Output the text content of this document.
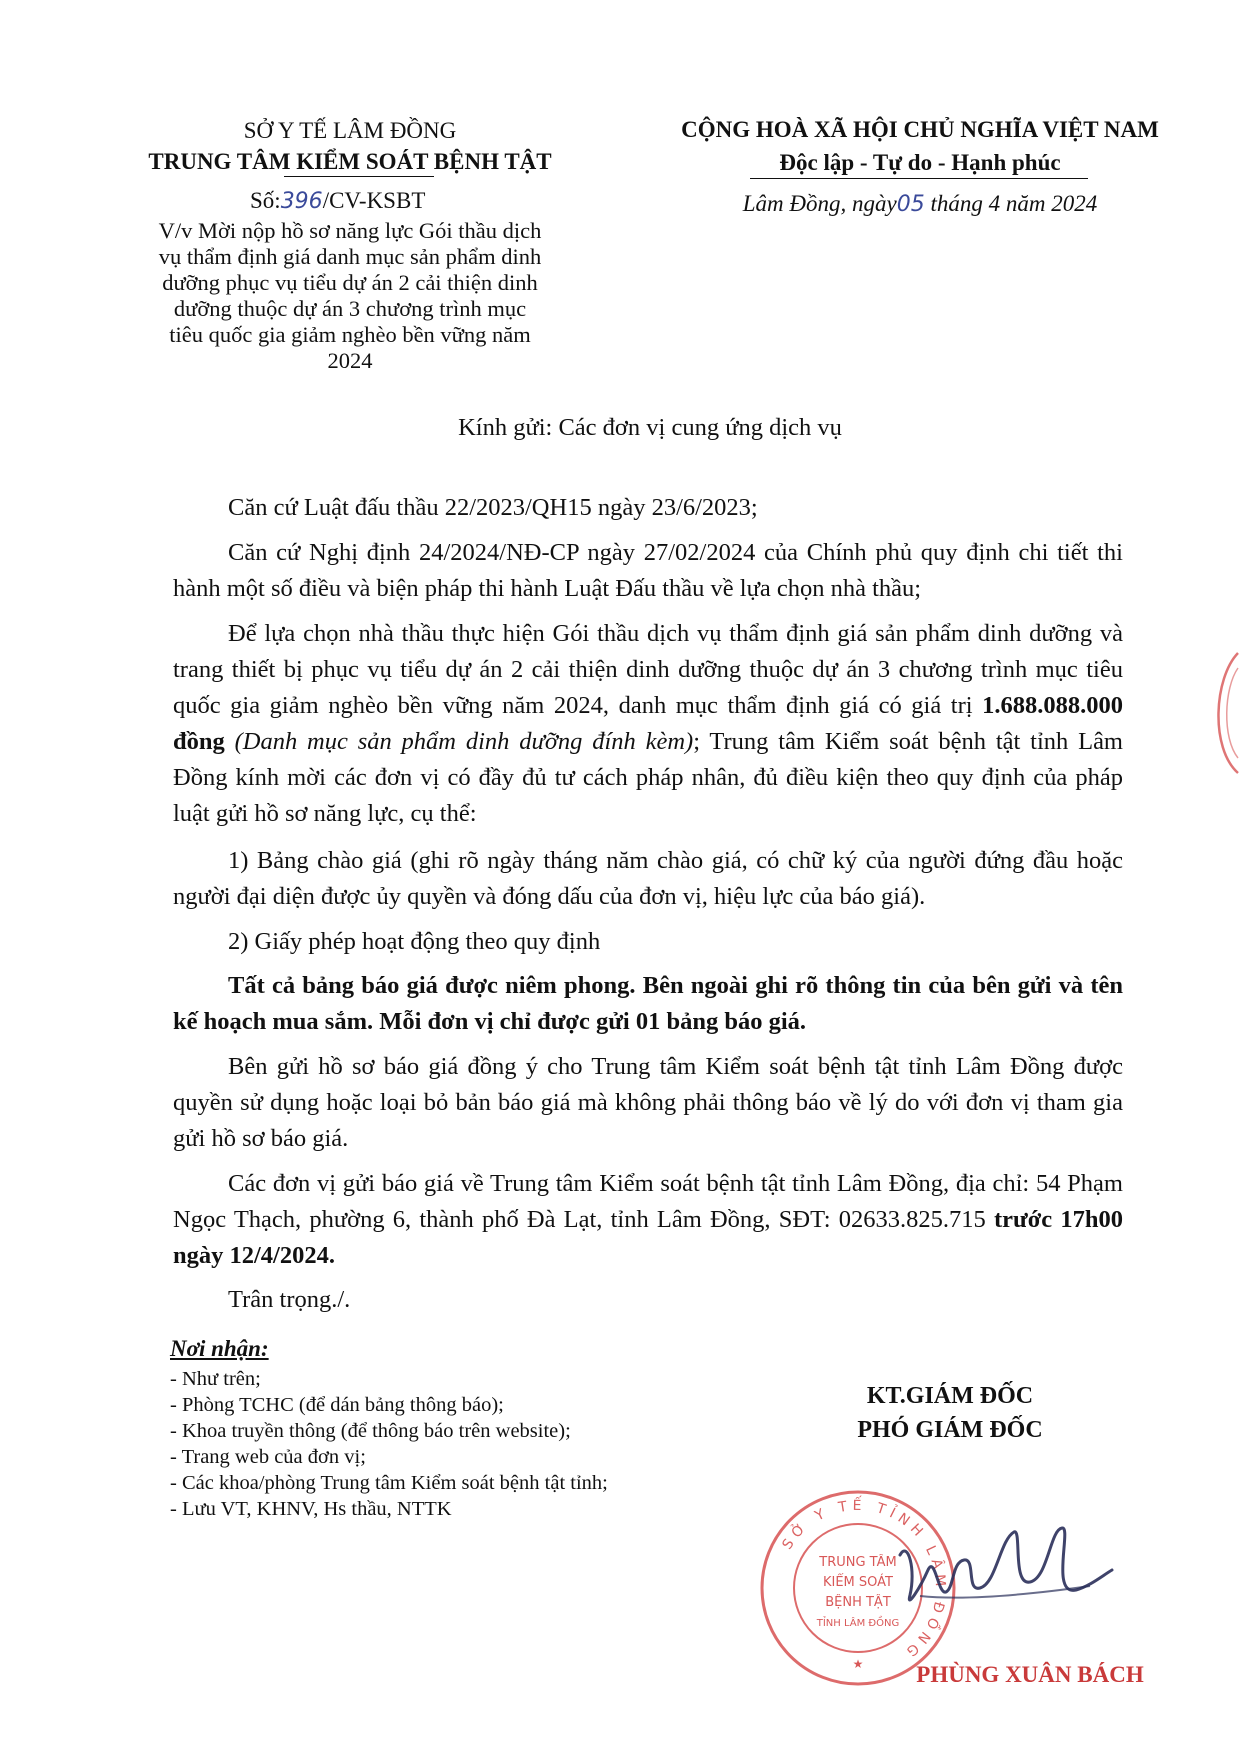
SỞ Y TẾ LÂM ĐỒNG
TRUNG TÂM KIỂM SOÁT BỆNH TẬT
Số:396/CV-KSBT
V/v Mời nộp hồ sơ năng lực Gói thầu dịch
vụ thẩm định giá danh mục sản phẩm dinh
dưỡng phục vụ tiểu dự án 2 cải thiện dinh
dưỡng thuộc dự án 3 chương trình mục
tiêu quốc gia giảm nghèo bền vững năm
2024
CỘNG HOÀ XÃ HỘI CHỦ NGHĨA VIỆT NAM
Độc lập - Tự do - Hạnh phúc
Lâm Đồng, ngày05 tháng 4 năm 2024
Kính gửi: Các đơn vị cung ứng dịch vụ
Căn cứ Luật đấu thầu 22/2023/QH15 ngày 23/6/2023;
Căn cứ Nghị định 24/2024/NĐ-CP ngày 27/02/2024 của Chính phủ quy định chi tiết thi hành một số điều và biện pháp thi hành Luật Đấu thầu về lựa chọn nhà thầu;
Để lựa chọn nhà thầu thực hiện Gói thầu dịch vụ thẩm định giá sản phẩm dinh dưỡng và trang thiết bị phục vụ tiểu dự án 2 cải thiện dinh dưỡng thuộc dự án 3 chương trình mục tiêu quốc gia giảm nghèo bền vững năm 2024, danh mục thẩm định giá có giá trị 1.688.088.000 đồng (Danh mục sản phẩm dinh dưỡng đính kèm); Trung tâm Kiểm soát bệnh tật tỉnh Lâm Đồng kính mời các đơn vị có đầy đủ tư cách pháp nhân, đủ điều kiện theo quy định của pháp luật gửi hồ sơ năng lực, cụ thể:
1) Bảng chào giá (ghi rõ ngày tháng năm chào giá, có chữ ký của người đứng đầu hoặc người đại diện được ủy quyền và đóng dấu của đơn vị, hiệu lực của báo giá).
2) Giấy phép hoạt động theo quy định
Tất cả bảng báo giá được niêm phong. Bên ngoài ghi rõ thông tin của bên gửi và tên kế hoạch mua sắm. Mỗi đơn vị chỉ được gửi 01 bảng báo giá.
Bên gửi hồ sơ báo giá đồng ý cho Trung tâm Kiểm soát bệnh tật tỉnh Lâm Đồng được quyền sử dụng hoặc loại bỏ bản báo giá mà không phải thông báo về lý do với đơn vị tham gia gửi hồ sơ báo giá.
Các đơn vị gửi báo giá về Trung tâm Kiểm soát bệnh tật tỉnh Lâm Đồng, địa chỉ: 54 Phạm Ngọc Thạch, phường 6, thành phố Đà Lạt, tỉnh Lâm Đồng, SĐT: 02633.825.715 trước 17h00 ngày 12/4/2024.
Trân trọng./.
Nơi nhận:
- Như trên;
- Phòng TCHC (để dán bảng thông báo);
- Khoa truyền thông (để thông báo trên website);
- Trang web của đơn vị;
- Các khoa/phòng Trung tâm Kiểm soát bệnh tật tỉnh;
- Lưu VT, KHNV, Hs thầu, NTTK
KT.GIÁM ĐỐC
PHÓ GIÁM ĐỐC
SỞ Y TẾ TỈNH LÂM ĐỒNG
TRUNG TÂM
KIỂM SOÁT
BỆNH TẬT
TỈNH LÂM ĐỒNG
★	PHÙNG XUÂN BÁCH
